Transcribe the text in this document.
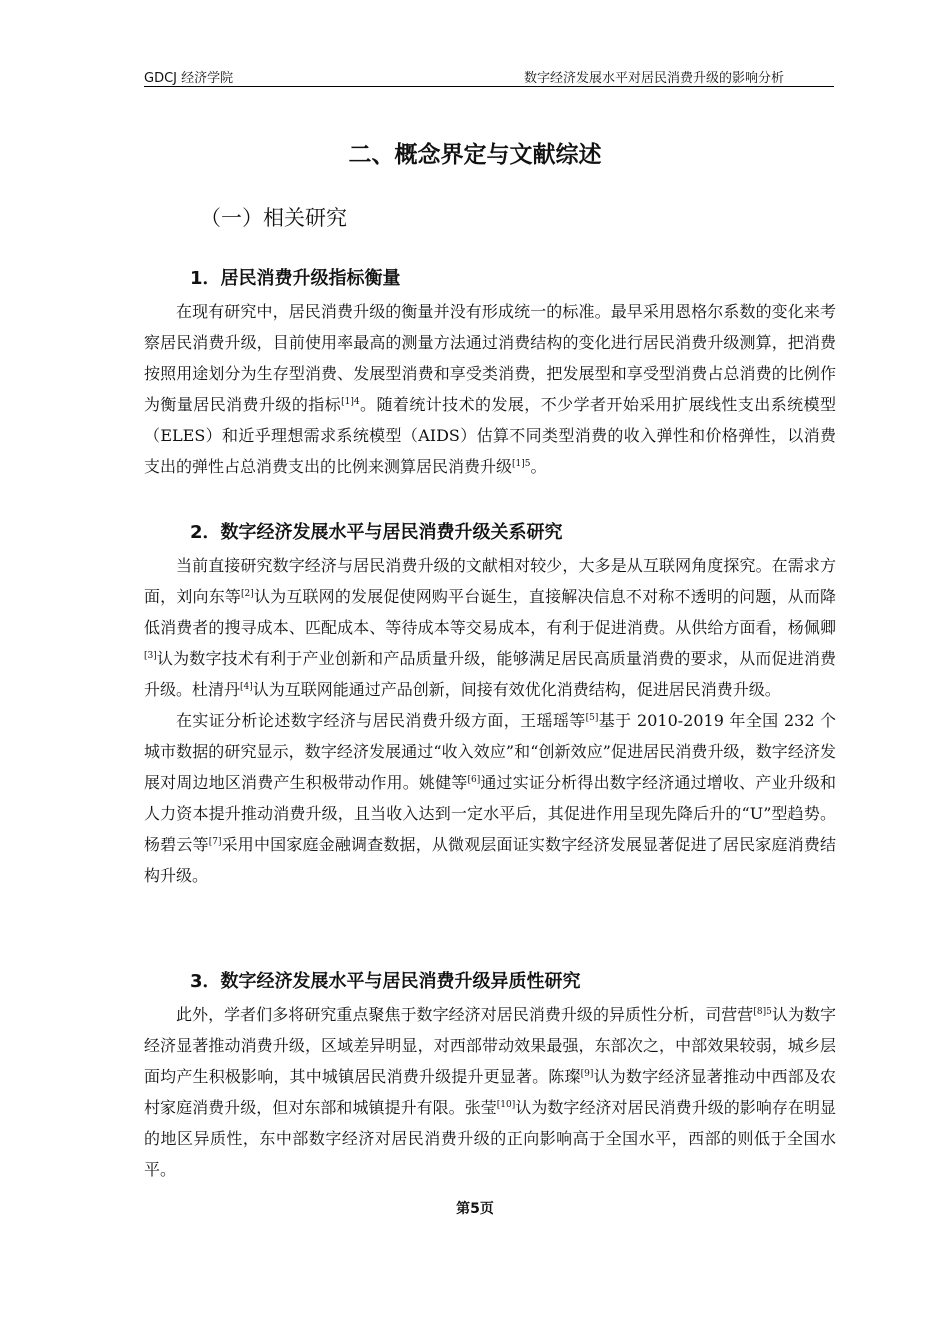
GDCJ 经济学院	数字经济发展水平对居民消费升级的影响分析
二、概念界定与文献综述
（一）相关研究
1．居民消费升级指标衡量

在现有研究中，居民消费升级的衡量并没有形成统一的标准。最早采用恩格尔系数的变化来考察居民消费升级，目前使用率最高的测量方法通过消费结构的变化进行居民消费升级测算，把消费按照用途划分为生存型消费、发展型消费和享受类消费，把发展型和享受型消费占总消费的比例作为衡量居民消费升级的指标$^{[1]4}$。随着统计技术的发展，不少学者开始采用扩展线性支出系统模型（ELES）和近乎理想需求系统模型（AIDS）估算不同类型消费的收入弹性和价格弹性，以消费支出的弹性占总消费支出的比例来测算居民消费升级$^{[1]5}$。

2．数字经济发展水平与居民消费升级关系研究

当前直接研究数字经济与居民消费升级的文献相对较少，大多是从互联网角度探究。在需求方面，刘向东等[2]认为互联网的发展促使网购平台诞生，直接解决信息不对称不透明的问题，从而降低消费者的搜寻成本、匹配成本、等待成本等交易成本，有利于促进消费。从供给方面看，杨佩卿[3]认为数字技术有利于产业创新和产品质量升级，能够满足居民高质量消费的要求，从而促进消费升级。杜清丹[4]认为互联网能通过产品创新，间接有效优化消费结构，促进居民消费升级。

在实证分析论述数字经济与居民消费升级方面，王瑶瑶等[5]基于 2010-2019 年全国 232 个城市数据的研究显示，数字经济发展通过“收入效应”和“创新效应”促进居民消费升级，数字经济发展对周边地区消费产生积极带动作用。姚健等[6]通过实证分析得出数字经济通过增收、产业升级和人力资本提升推动消费升级，且当收入达到一定水平后，其促进作用呈现先降后升的“U”型趋势。杨碧云等[7]采用中国家庭金融调查数据，从微观层面证实数字经济发展显著促进了居民家庭消费结构升级。

3．数字经济发展水平与居民消费升级异质性研究

此外，学者们多将研究重点聚焦于数字经济对居民消费升级的异质性分析，司营营$^{[8]5}$认为数字经济显著推动消费升级，区域差异明显，对西部带动效果最强，东部次之，中部效果较弱，城乡层面均产生积极影响，其中城镇居民消费升级提升更显著。陈璨[9]认为数字经济显著推动中西部及农村家庭消费升级，但对东部和城镇提升有限。张莹[10]认为数字经济对居民消费升级的影响存在明显的地区异质性，东中部数字经济对居民消费升级的正向影响高于全国水平，西部的则低于全国水平。

第5页
